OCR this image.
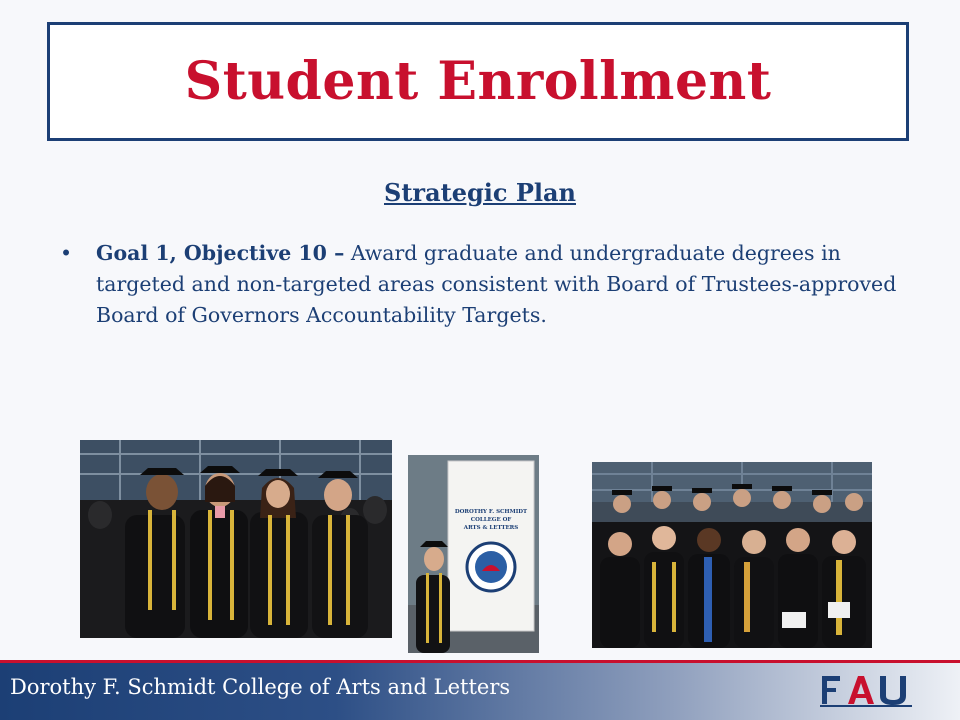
Student Enrollment
Strategic Plan
• Goal 1, Objective 10 – Award graduate and undergraduate degrees in targeted and non-targeted areas consistent with Board of Trustees-approved Board of Governors Accountability Targets.
DOROTHY F. SCHMIDT
COLLEGE OF
ARTS & LETTERS
Dorothy F. Schmidt College of Arts and Letters
